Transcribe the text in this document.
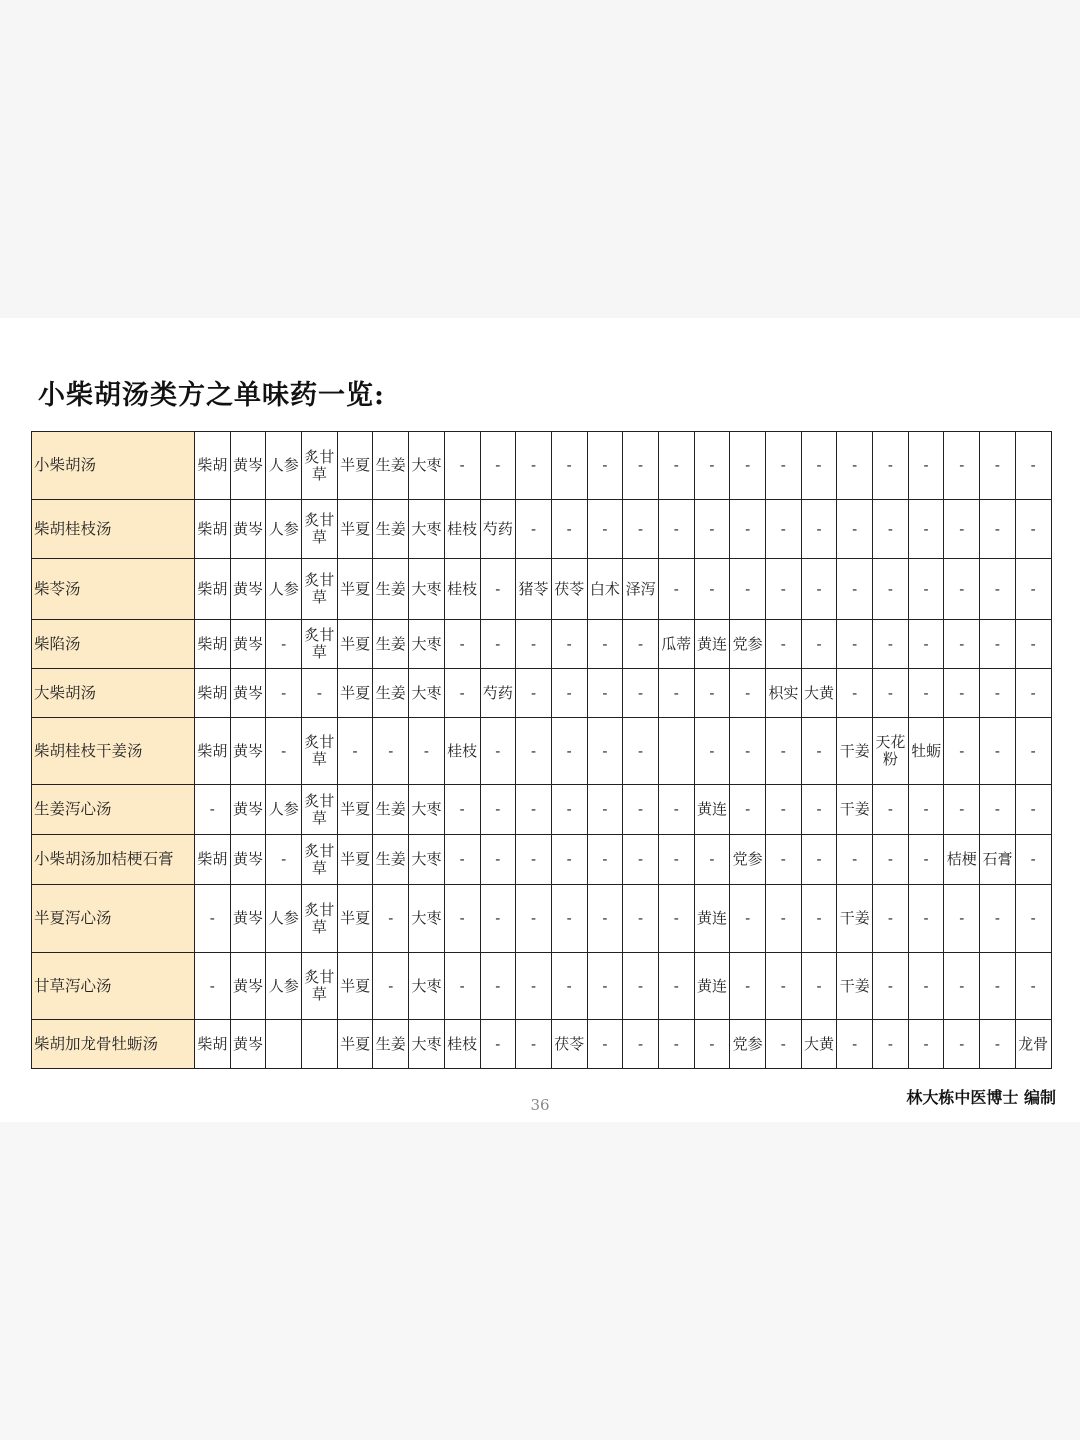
小柴胡汤类方之单味药一览:
小柴胡汤	柴胡	黄岑	人参	炙甘草	半夏	生姜	大枣	-	-	-	-	-	-	-	-	-	-	-	-	-	-	-	-	-
柴胡桂枝汤	柴胡	黄岑	人参	炙甘草	半夏	生姜	大枣	桂枝	芍药	-	-	-	-	-	-	-	-	-	-	-	-	-	-	-
柴苓汤	柴胡	黄岑	人参	炙甘草	半夏	生姜	大枣	桂枝	-	猪苓	茯苓	白术	泽泻	-	-	-	-	-	-	-	-	-	-	-
柴陷汤	柴胡	黄岑	-	炙甘草	半夏	生姜	大枣	-	-	-	-	-	-	瓜蒂	黄连	党参	-	-	-	-	-	-	-	-
大柴胡汤	柴胡	黄岑	-	-	半夏	生姜	大枣	-	芍药	-	-	-	-	-	-	-	枳实	大黄	-	-	-	-	-	-
柴胡桂枝干姜汤	柴胡	黄岑	-	炙甘草	-	-	-	桂枝	-	-	-	-	-		-	-	-	-	干姜	天花粉	牡蛎	-	-	-
生姜泻心汤	-	黄岑	人参	炙甘草	半夏	生姜	大枣	-	-	-	-	-	-	-	黄连	-	-	-	干姜	-	-	-	-	-
小柴胡汤加桔梗石膏	柴胡	黄岑	-	炙甘草	半夏	生姜	大枣	-	-	-	-	-	-	-	-	党参	-	-	-	-	-	桔梗	石膏	-
半夏泻心汤	-	黄岑	人参	炙甘草	半夏	-	大枣	-	-	-	-	-	-	-	黄连	-	-	-	干姜	-	-	-	-	-
甘草泻心汤	-	黄岑	人参	炙甘草	半夏	-	大枣	-	-	-	-	-	-	-	黄连	-	-	-	干姜	-	-	-	-	-
柴胡加龙骨牡蛎汤	柴胡	黄岑			半夏	生姜	大枣	桂枝	-	-	茯苓	-	-	-	-	党参	-	大黄	-	-	-	-	-	龙骨
36	林大栋中医博士 编制
